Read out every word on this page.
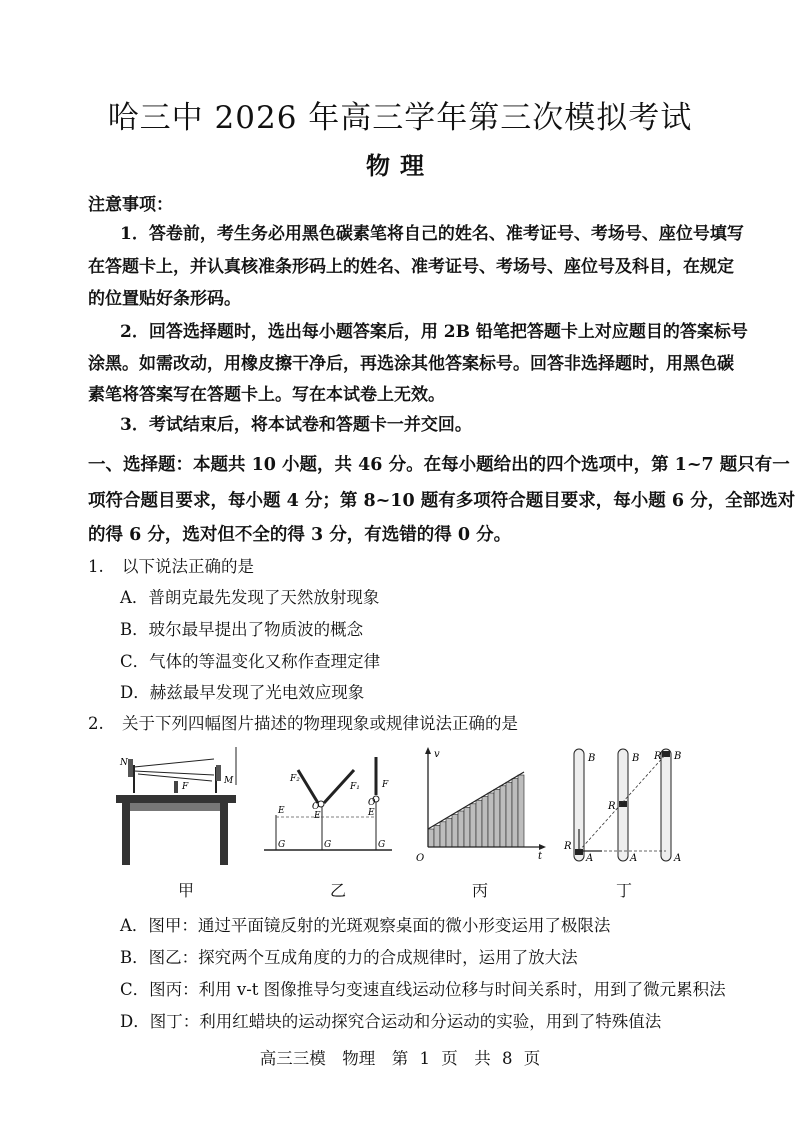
哈三中 2026 年高三学年第三次模拟考试
物理
注意事项：
1．答卷前，考生务必用黑色碳素笔将自己的姓名、准考证号、考场号、座位号填写
在答题卡上，并认真核准条形码上的姓名、准考证号、考场号、座位号及科目，在规定
的位置贴好条形码。
2．回答选择题时，选出每小题答案后，用 2B 铅笔把答题卡上对应题目的答案标号
涂黑。如需改动，用橡皮擦干净后，再选涂其他答案标号。回答非选择题时，用黑色碳
素笔将答案写在答题卡上。写在本试卷上无效。
3．考试结束后，将本试卷和答题卡一并交回。
一、选择题：本题共 10 小题，共 46 分。在每小题给出的四个选项中，第 1~7 题只有一
项符合题目要求，每小题 4 分；第 8~10 题有多项符合题目要求，每小题 6 分，全部选对
的得 6 分，选对但不全的得 3 分，有选错的得 0 分。
1. 以下说法正确的是
A．普朗克最先发现了天然放射现象
B．玻尔最早提出了物质波的概念
C．气体的等温变化又称作查理定律
D．赫兹最早发现了光电效应现象
2. 关于下列四幅图片描述的物理现象或规律说法正确的是
N
M
F
F₂
F₁ F
O	O
E	E	E
G	G	G
v
t
O
B	B R B
R
R
A	A	A
甲	乙	丙	丁
A．图甲：通过平面镜反射的光斑观察桌面的微小形变运用了极限法
B．图乙：探究两个互成角度的力的合成规律时，运用了放大法
C．图丙：利用 v-t 图像推导匀变速直线运动位移与时间关系时，用到了微元累积法
D．图丁：利用红蜡块的运动探究合运动和分运动的实验，用到了特殊值法
高三三模　物理　第 1 页　共 8 页
